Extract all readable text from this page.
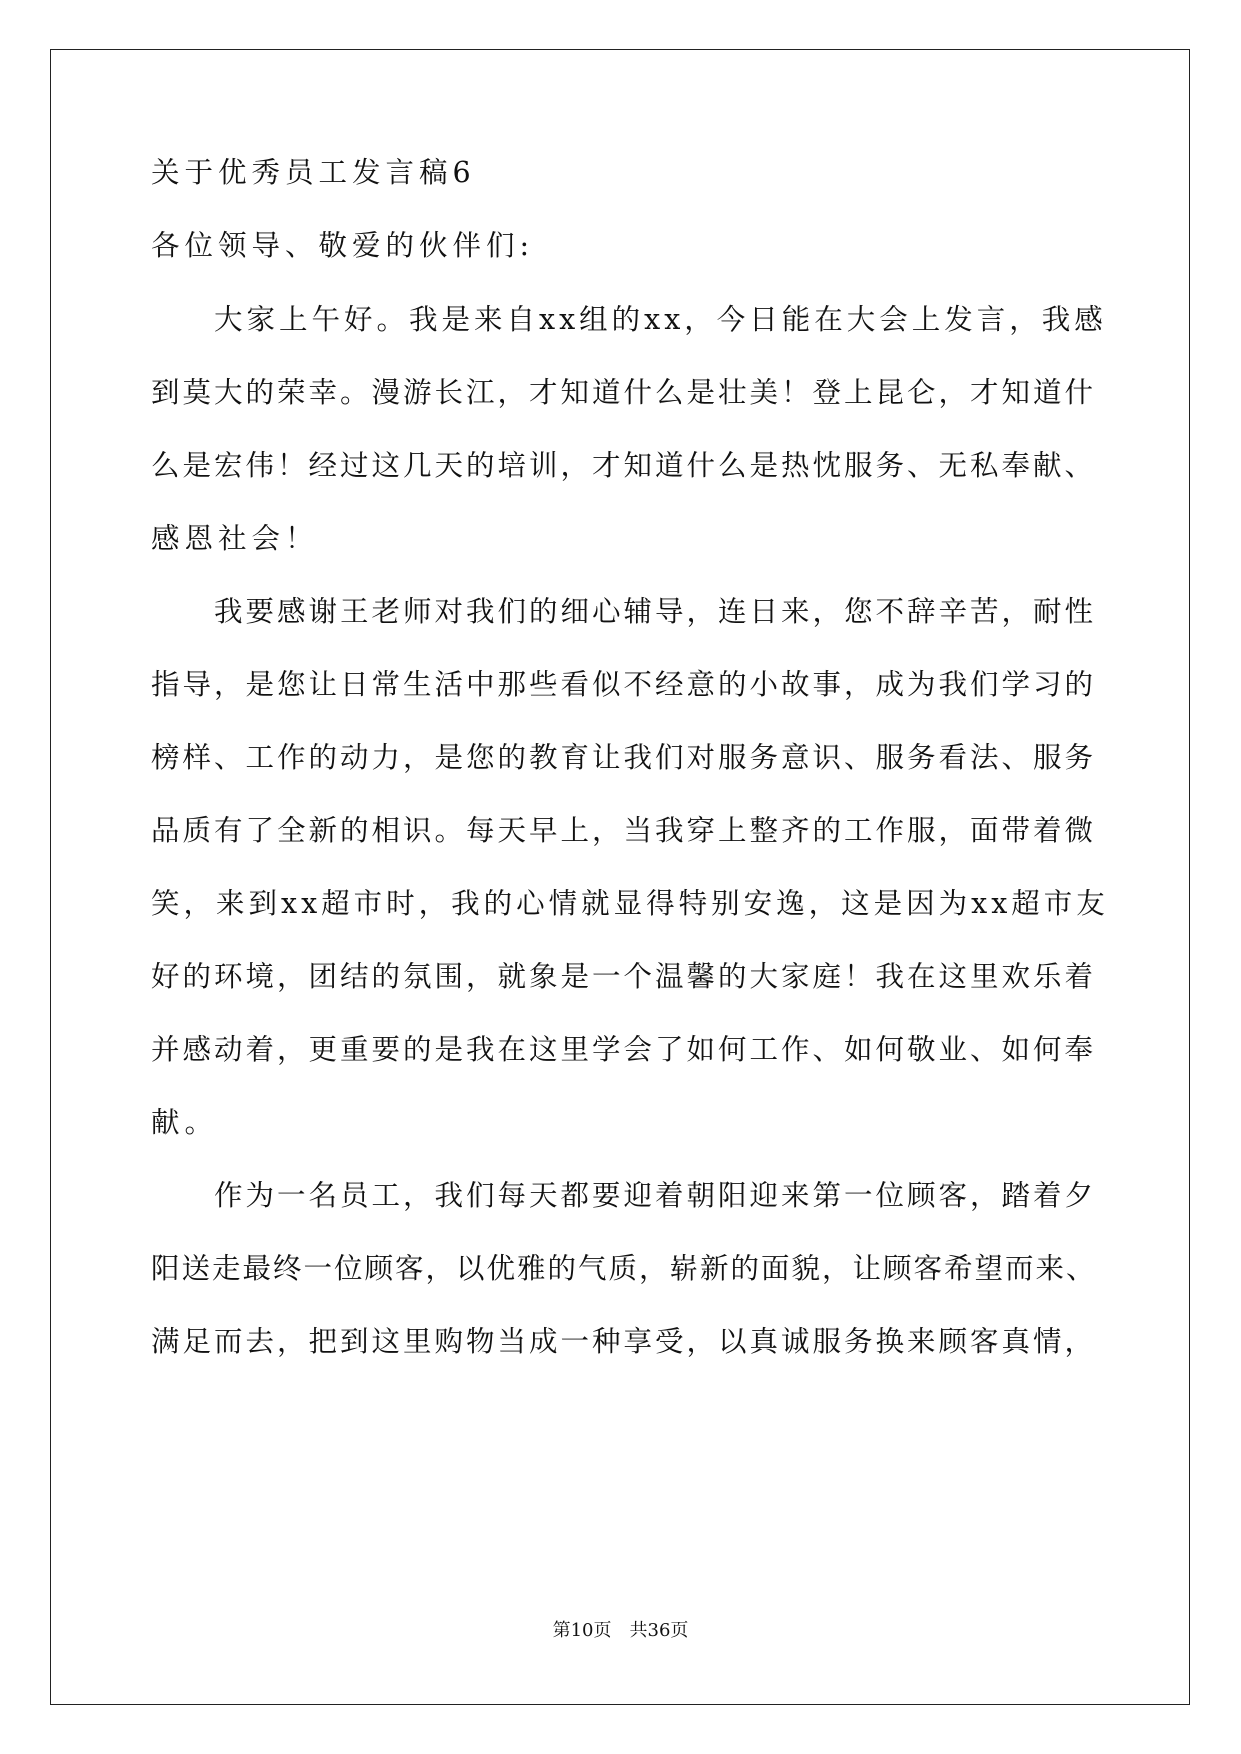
关于优秀员工发言稿6
各位领导、敬爱的伙伴们:
大家上午好。我是来自xx组的xx，今日能在大会上发言，我感
到莫大的荣幸。漫游长江，才知道什么是壮美！登上昆仑，才知道什
么是宏伟！经过这几天的培训，才知道什么是热忱服务、无私奉献、
感恩社会！
我要感谢王老师对我们的细心辅导，连日来，您不辞辛苦，耐性
指导，是您让日常生活中那些看似不经意的小故事，成为我们学习的
榜样、工作的动力，是您的教育让我们对服务意识、服务看法、服务
品质有了全新的相识。每天早上，当我穿上整齐的工作服，面带着微
笑，来到xx超市时，我的心情就显得特别安逸，这是因为xx超市友
好的环境，团结的氛围，就象是一个温馨的大家庭！我在这里欢乐着
并感动着，更重要的是我在这里学会了如何工作、如何敬业、如何奉
献。
作为一名员工，我们每天都要迎着朝阳迎来第一位顾客，踏着夕
阳送走最终一位顾客，以优雅的气质，崭新的面貌，让顾客希望而来、
满足而去，把到这里购物当成一种享受，以真诚服务换来顾客真情，
第10页　共36页
